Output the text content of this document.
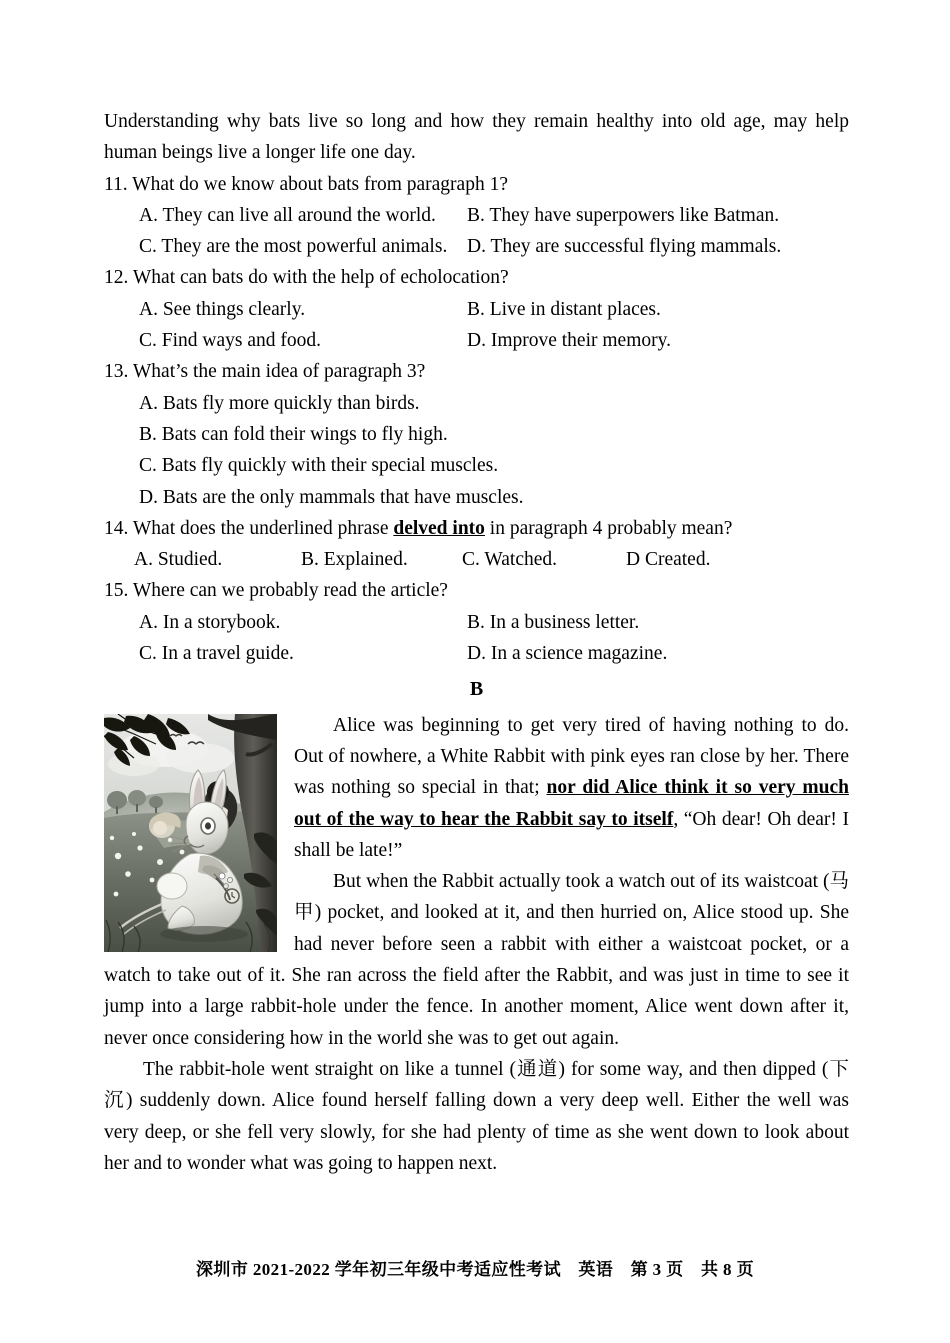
Understanding why bats live so long and how they remain healthy into old age, may help human beings live a longer life one day.

11. What do we know about bats from paragraph 1?

A. They can live all around the world.	B. They have superpowers like Batman.
C. They are the most powerful animals.	D. They are successful flying mammals.

12. What can bats do with the help of echolocation?

A. See things clearly.	B. Live in distant places.
C. Find ways and food.	D. Improve their memory.

13. What’s the main idea of paragraph 3?

A. Bats fly more quickly than birds.
B. Bats can fold their wings to fly high.
C. Bats fly quickly with their special muscles.
D. Bats are the only mammals that have muscles.

14. What does the underlined phrase delved into in paragraph 4 probably mean?

A. Studied.	B. Explained.	C. Watched.	D Created.

15. Where can we probably read the article?

A. In a storybook.	B. In a business letter.
C. In a travel guide.	D. In a science magazine.
B

Alice was beginning to get very tired of having nothing to do. Out of nowhere, a White Rabbit with pink eyes ran close by her. There was nothing so special in that; nor did Alice think it so very much out of the way to hear the Rabbit say to itself, “Oh dear! Oh dear! I shall be late!”

But when the Rabbit actually took a watch out of its waistcoat (马甲) pocket, and looked at it, and then hurried on, Alice stood up. She had never before seen a rabbit with either a waistcoat pocket, or a watch to take out of it. She ran across the field after the Rabbit, and was just in time to see it jump into a large rabbit-hole under the fence. In another moment, Alice went down after it, never once considering how in the world she was to get out again.

The rabbit-hole went straight on like a tunnel (通道) for some way, and then dipped (下沉) suddenly down. Alice found herself falling down a very deep well. Either the well was very deep, or she fell very slowly, for she had plenty of time as she went down to look about her and to wonder what was going to happen next.

深圳市 2021-2022 学年初三年级中考适应性考试　英语　第 3 页　共 8 页
